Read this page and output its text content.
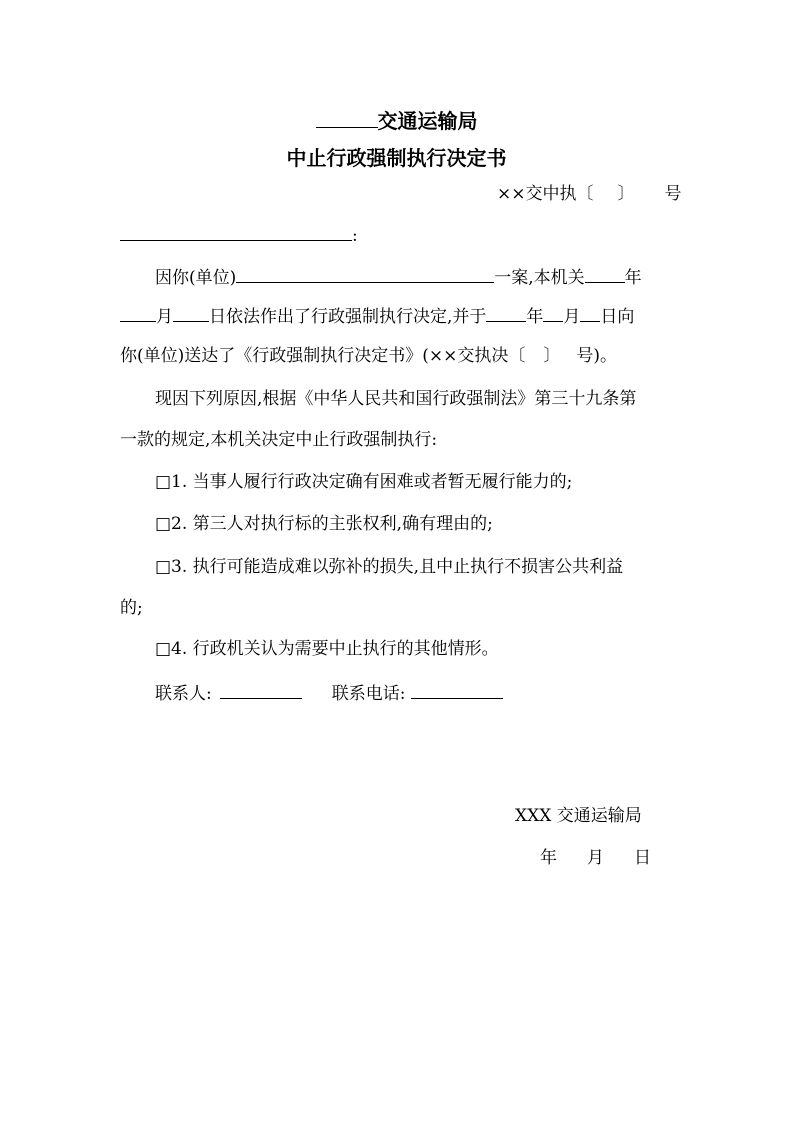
交通运输局
中止行政强制执行决定书
××交中执〔 〕 号
:
因你(单位)	一案,本机关 年
月 日依法作出了行政强制执行决定,并于 年 月 日向
你(单位)送达了《行政强制执行决定书》(××交执决〔 〕 号)。
现因下列原因,根据《中华人民共和国行政强制法》第三十九条第
一款的规定,本机关决定中止行政强制执行:
□1. 当事人履行行政决定确有困难或者暂无履行能力的;
□2. 第三人对执行标的主张权利,确有理由的;
□3. 执行可能造成难以弥补的损失,且中止执行不损害公共利益
的;
□4. 行政机关认为需要中止执行的其他情形。
联系人:	联系电话:
XXX 交通运输局
年 月 日
